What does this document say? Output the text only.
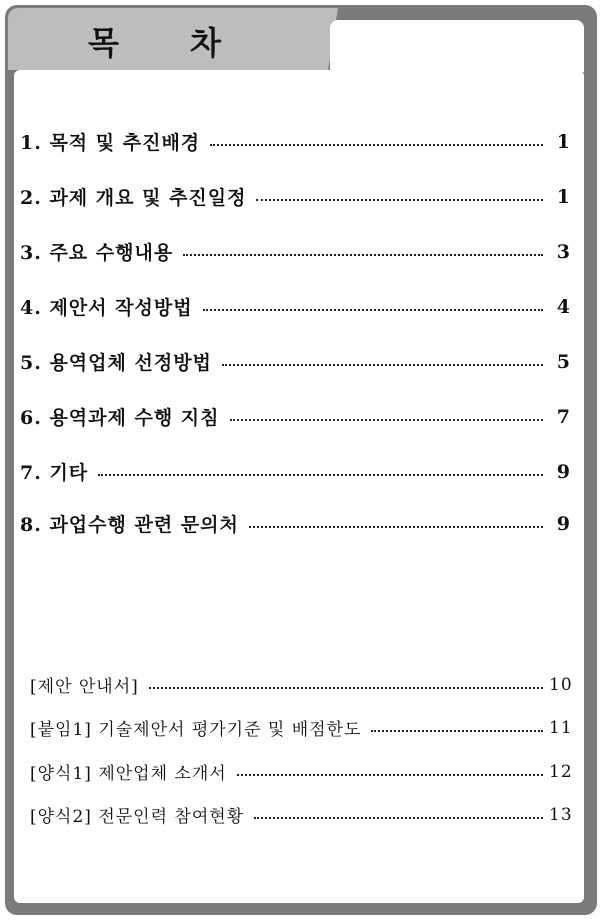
목 차
1. 목적 및 추진배경	1
2. 과제 개요 및 추진일정	1
3. 주요 수행내용	3
4. 제안서 작성방법	4
5. 용역업체 선정방법	5
6. 용역과제 수행 지침	7
7. 기타	9
8. 과업수행 관련 문의처	9
[제안 안내서]	10
[붙임1] 기술제안서 평가기준 및 배점한도	11
[양식1] 제안업체 소개서	12
[양식2] 전문인력 참여현황	13
